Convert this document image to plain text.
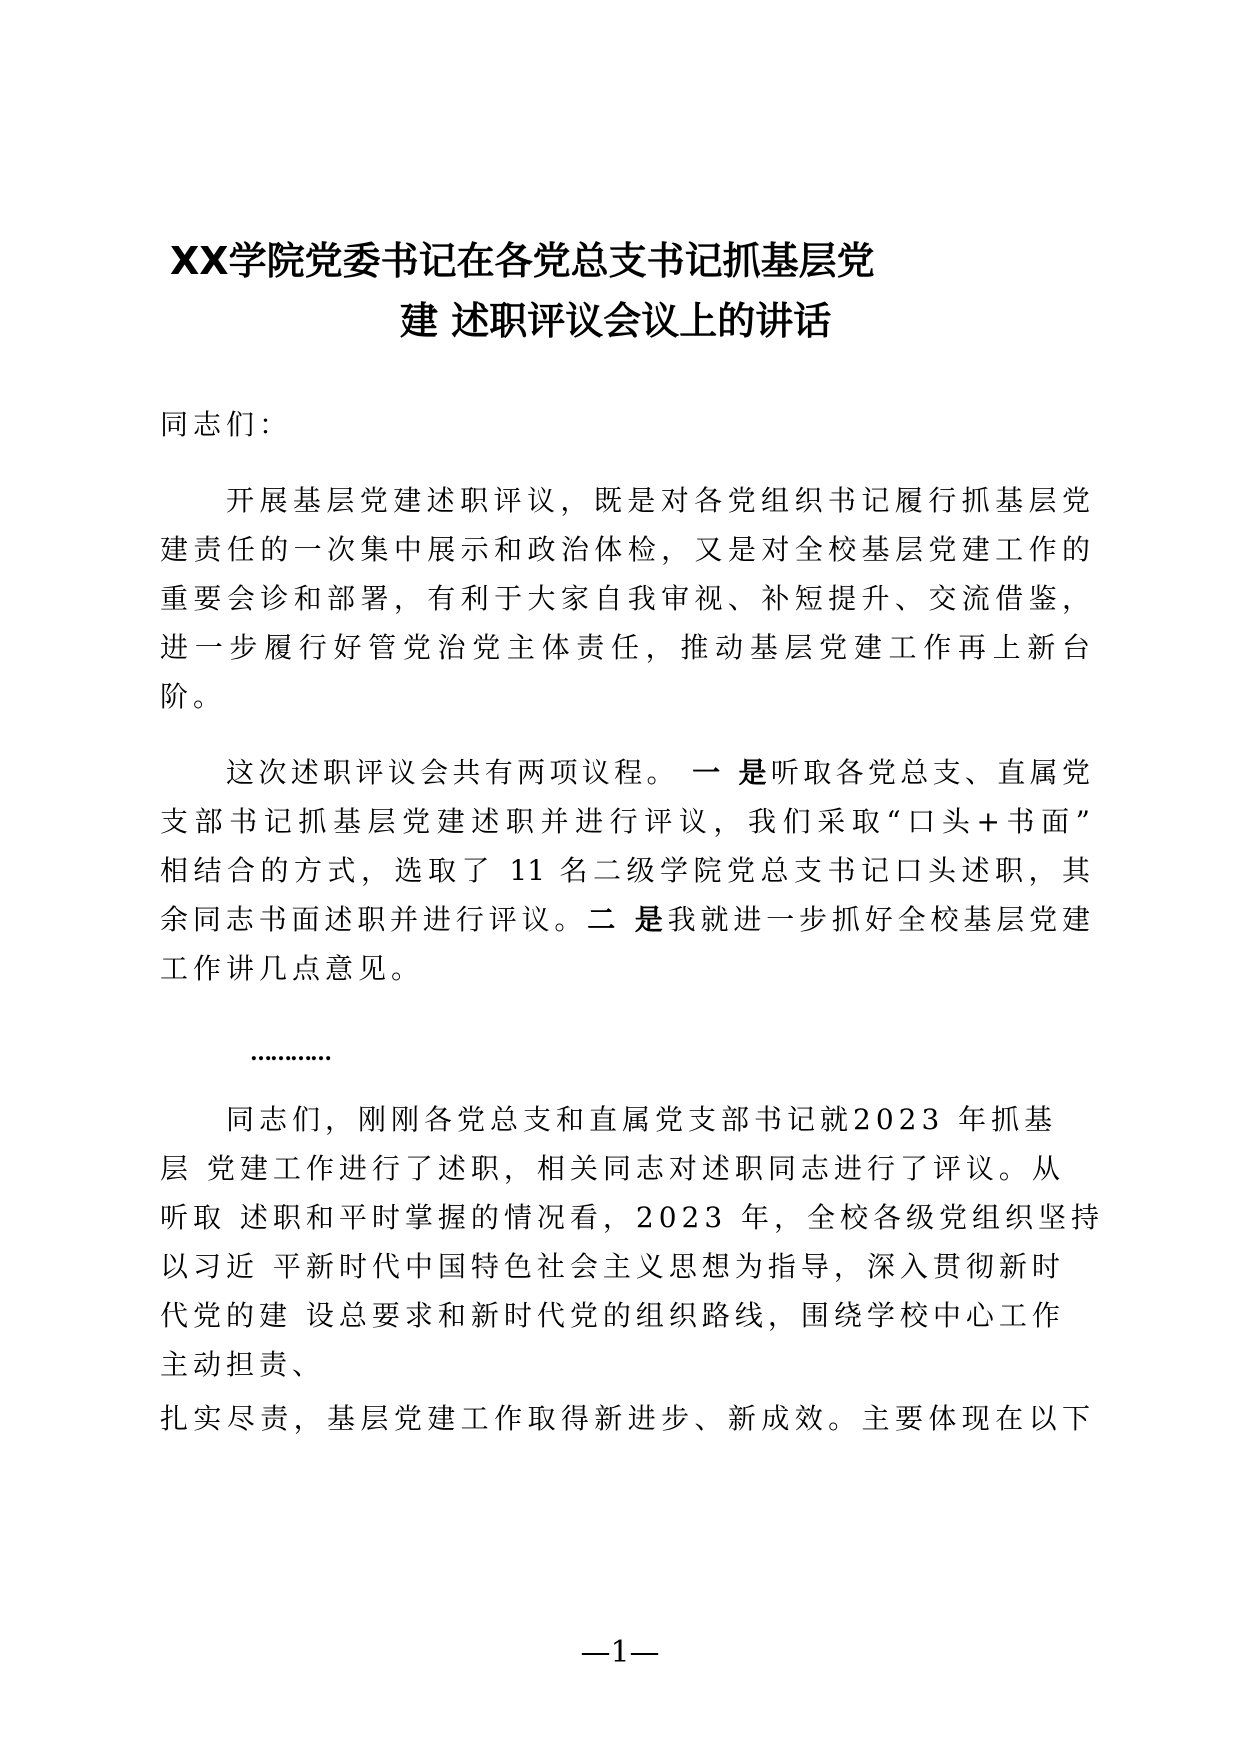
XX学院党委书记在各党总支书记抓基层党
建 述职评议会议上的讲话
同志们：
开展基层党建述职评议，既是对各党组织书记履行抓基层党
建责任的一次集中展示和政治体检，又是对全校基层党建工作的
重要会诊和部署，有利于大家自我审视、补短提升、交流借鉴，
进一步履行好管党治党主体责任，推动基层党建工作再上新台
阶。
这次述职评议会共有两项议程。 一 是听取各党总支、直属党
支部书记抓基层党建述职并进行评议，我们采取“口头+书面”
相结合的方式，选取了 11 名二级学院党总支书记口头述职，其
余同志书面述职并进行评议。二 是我就进一步抓好全校基层党建
工作讲几点意见。
…………
同志们，刚刚各党总支和直属党支部书记就2023 年抓基
层 党建工作进行了述职，相关同志对述职同志进行了评议。从
听取 述职和平时掌握的情况看，2023 年，全校各级党组织坚持
以习近 平新时代中国特色社会主义思想为指导，深入贯彻新时
代党的建 设总要求和新时代党的组织路线，围绕学校中心工作
主动担责、
扎实尽责，基层党建工作取得新进步、新成效。主要体现在以下
—1—
